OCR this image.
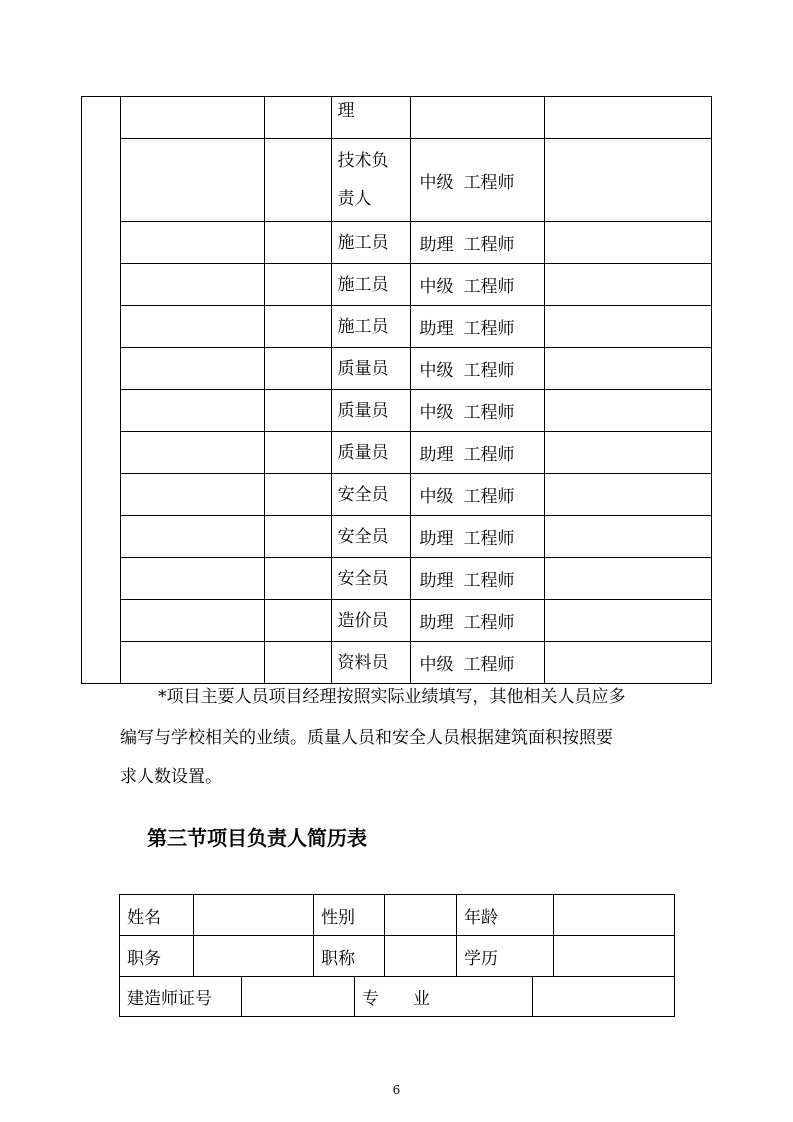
			理		
			技术负责人	中级 工程师	
			施工员	助理 工程师	
			施工员	中级 工程师	
			施工员	助理 工程师	
			质量员	中级 工程师	
			质量员	中级 工程师	
			质量员	助理 工程师	
			安全员	中级 工程师	
			安全员	助理 工程师	
			安全员	助理 工程师	
			造价员	助理 工程师	
			资料员	中级 工程师	
*项目主要人员项目经理按照实际业绩填写，其他相关人员应多
编写与学校相关的业绩。质量人员和安全人员根据建筑面积按照要
求人数设置。
第三节项目负责人简历表
姓名		性别		年龄	
职务		职称		学历	
建造师证号		专　　业	
6
